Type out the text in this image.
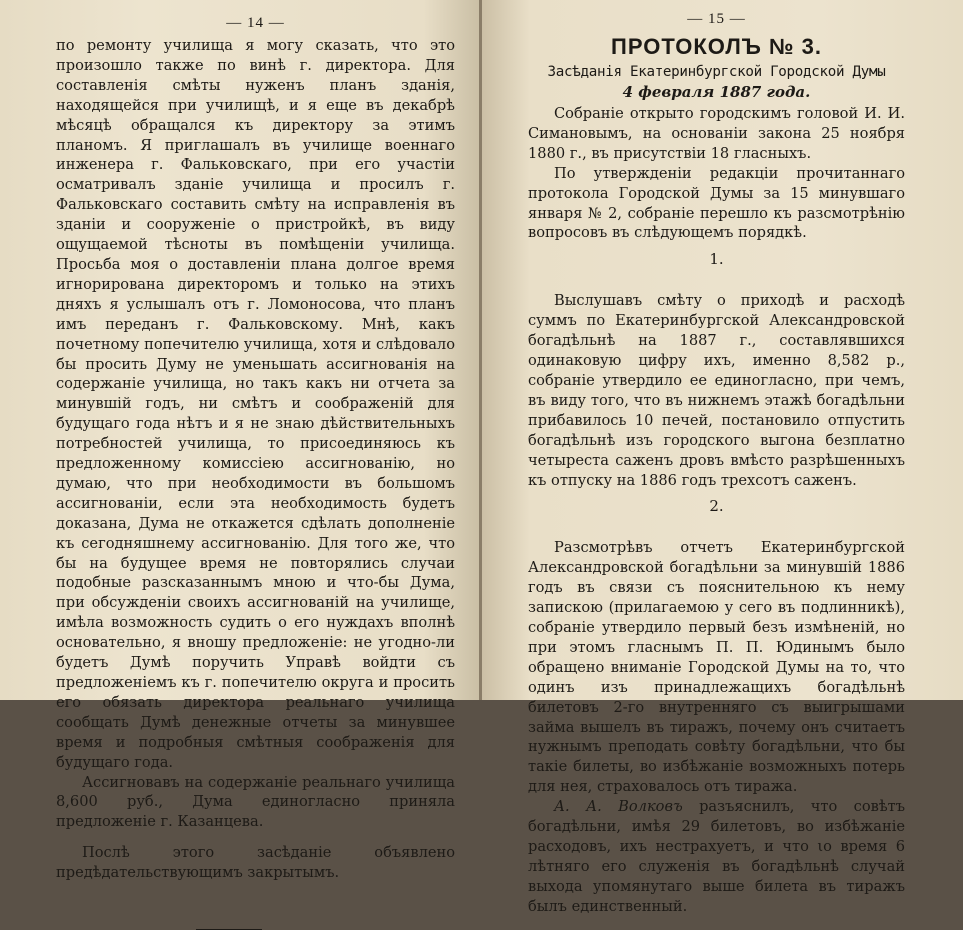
— 14 —

по ремонту училища я могу сказать, что это произошло также по винѣ г. директора. Для составленія смѣты нуженъ планъ зданія, находящейся при училищѣ, и я еще въ декабрѣ мѣсяцѣ обращался къ директору за этимъ планомъ. Я приглашалъ въ училище военнаго инженера г. Фальковскаго, при его участіи осматривалъ зданіе училища и просилъ г. Фальковскаго составить смѣту на исправленія въ зданіи и сооруженіе о пристройкѣ, въ виду ощущаемой тѣсноты въ помѣщеніи училища. Просьба моя о доставленіи плана долгое время игнорирована директоромъ и только на этихъ дняхъ я услышалъ отъ г. Ломоносова, что планъ имъ переданъ г. Фальковскому. Мнѣ, какъ почетному попечителю училища, хотя и слѣдовало бы просить Думу не уменьшать ассигнованія на содержаніе училища, но такъ какъ ни отчета за минувшій годъ, ни смѣтъ и соображеній для будущаго года нѣтъ и я не знаю дѣйствительныхъ потребностей училища, то присоединяюсь къ предложенному комиссіею ассигнованію, но думаю, что при необходимости въ большомъ ассигнованіи, если эта необходимость будетъ доказана, Дума не откажется сдѣлать дополненіе къ сегодняшнему ассигнованію. Для того же, что бы на будущее время не повторялись случаи подобные разсказаннымъ мною и что-бы Дума, при обсужденіи своихъ ассигнованій на училище, имѣла возможность судить о его нуждахъ вполнѣ основательно, я вношу предложеніе: не угодно-ли будетъ Думѣ поручить Управѣ войдти съ предложеніемъ къ г. попечителю округа и просить его обязать директора реальнаго училища сообщать Думѣ денежные отчеты за минувшее время и подробныя смѣтныя соображенія для будущаго года.

Ассигновавъ на содержаніе реальнаго училища 8,600 руб., Дума единогласно приняла предложеніе г. Казанцева.

Послѣ этого засѣданіе объявлено предѣдательствующимъ закрытымъ.

— 15 —
ПРОТОКОЛЪ № 3.
Засѣданія Екатеринбургской Городской Думы
4 февраля 1887 года.

Собраніе открыто городскимъ головой И. И. Симановымъ, на основаніи закона 25 ноября 1880 г., въ присутствіи 18 гласныхъ.

По утвержденіи редакціи прочитаннаго протокола Городской Думы за 15 минувшаго января № 2, собраніе перешло къ разсмотрѣнію вопросовъ въ слѣдующемъ порядкѣ.

1.

Выслушавъ смѣту о приходѣ и расходѣ суммъ по Екатеринбургской Александровской богадѣльнѣ на 1887 г., составлявшихся одинаковую цифру ихъ, именно 8,582 р., собраніе утвердило ее единогласно, при чемъ, въ виду того, что въ нижнемъ этажѣ богадѣльни прибавилось 10 печей, постановило отпустить богадѣльнѣ изъ городского выгона безплатно четыреста саженъ дровъ вмѣсто разрѣшенныхъ къ отпуску на 1886 годъ трехсотъ саженъ.

2.

Разсмотрѣвъ отчетъ Екатеринбургской Александровской богадѣльни за минувшій 1886 годъ въ связи съ пояснительною къ нему запискою (прилагаемою у сего въ подлинникѣ), собраніе утвердило первый безъ измѣненій, но при этомъ гласнымъ П. П. Юдинымъ было обращено вниманіе Городской Думы на то, что одинъ изъ принадлежащихъ богадѣльнѣ билетовъ 2-го внутренняго съ выигрышами займа вышелъ въ тиражъ, почему онъ считаетъ нужнымъ преподать совѣту богадѣльни, что бы такіе билеты, во избѣжаніе возможныхъ потерь для нея, страховалось отъ тиража.

А. А. Волковъ разъяснилъ, что совѣтъ богадѣльни, имѣя 29 билетовъ, во избѣжаніе расходовъ, ихъ нестрахуетъ, и что ιο время 6 лѣтняго его служенія въ богадѣльнѣ случай выхода упомянутаго выше билета въ тиражъ былъ единственный.
